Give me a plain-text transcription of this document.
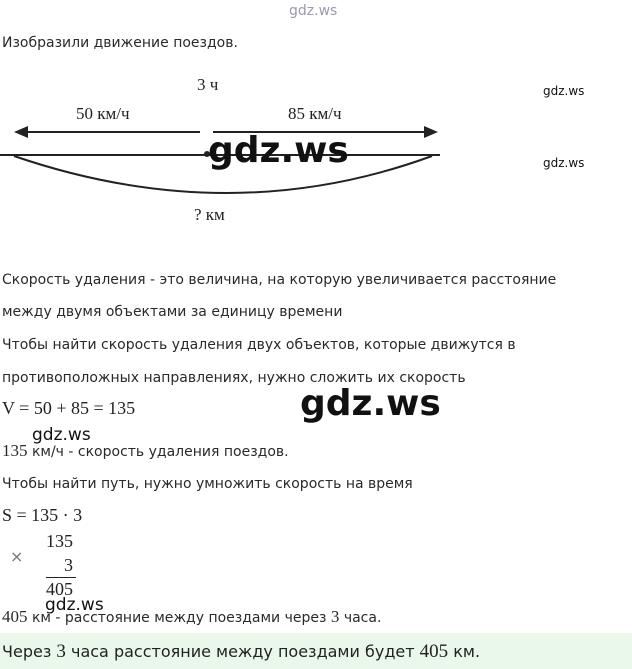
gdz.ws
Изобразили движение поездов.
3 ч
50 км/ч	85 км/ч
? км
gdz.ws
gdz.ws
gdz.ws
Скорость удаления - это величина, на которую увеличивается расстояние
между двумя объектами за единицу времени
Чтобы найти скорость удаления двух объектов, которые движутся в
противоположных направлениях, нужно сложить их скорость
V = 50 + 85 = 135	gdz.ws
gdz.ws
135 км/ч - скорость удаления поездов.
Чтобы найти путь, нужно умножить скорость на время
S = 135 · 3
×
135
3
405
gdz.ws
405 км - расстояние между поездами через 3 часа.
Через 3 часа расстояние между поездами будет 405 км.
